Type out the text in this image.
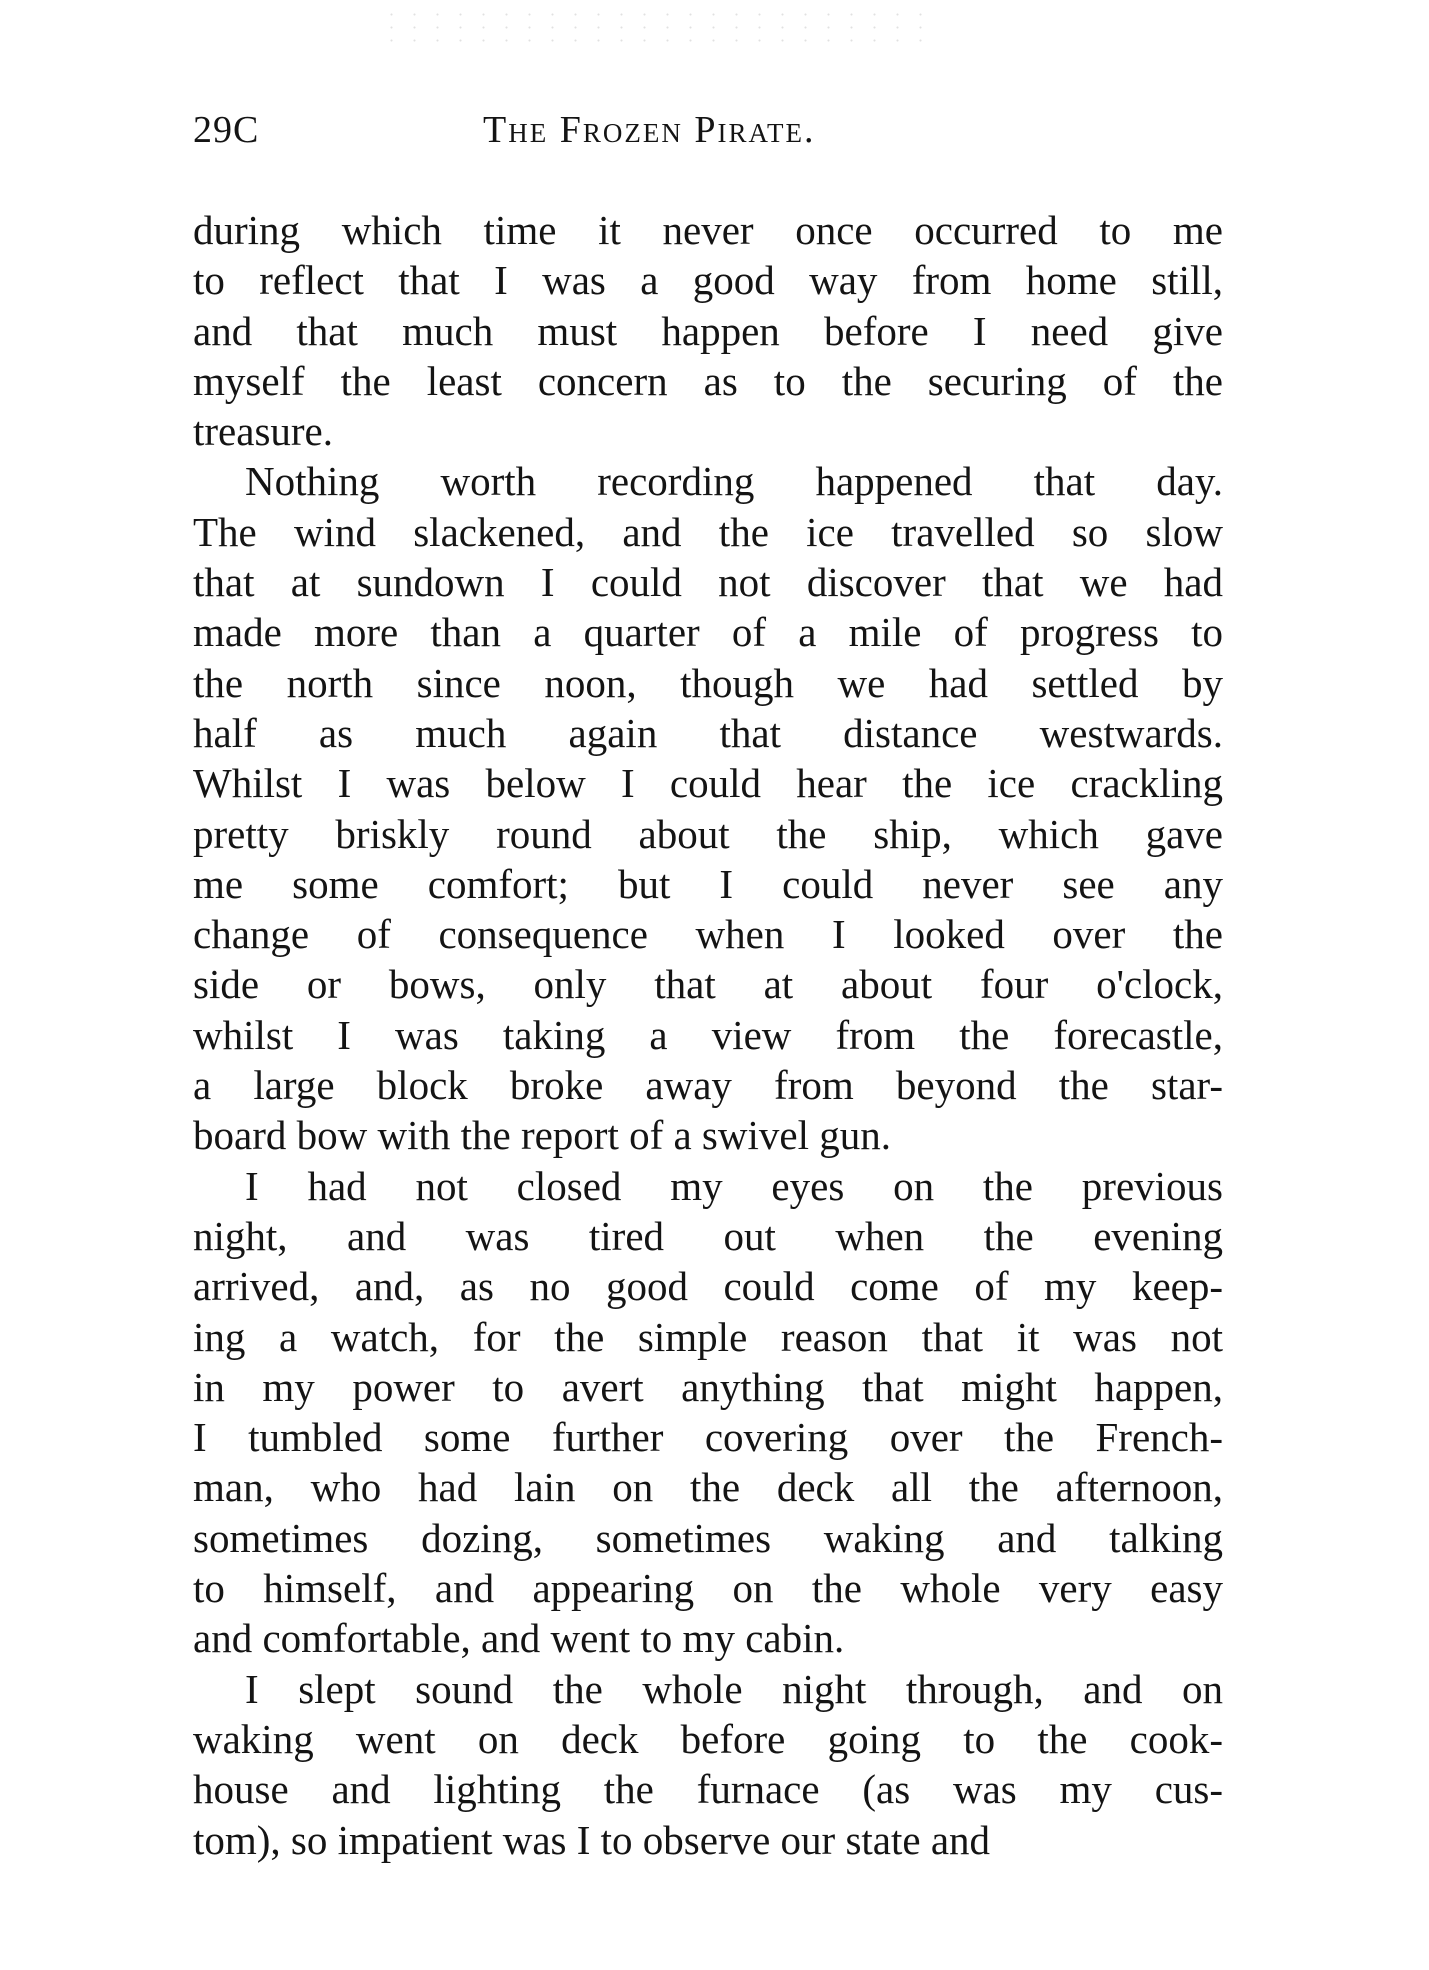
29C	The Frozen Pirate.
during which time it never once occurred to me
to reflect that I was a good way from home still,
and that much must happen before I need give
myself the least concern as to the securing of the
treasure.
Nothing worth recording happened that day.
The wind slackened, and the ice travelled so slow
that at sundown I could not discover that we had
made more than a quarter of a mile of progress to
the north since noon, though we had settled by
half as much again that distance westwards.
Whilst I was below I could hear the ice crackling
pretty briskly round about the ship, which gave
me some comfort; but I could never see any
change of consequence when I looked over the
side or bows, only that at about four o'clock,
whilst I was taking a view from the forecastle,
a large block broke away from beyond the star-
board bow with the report of a swivel gun.
I had not closed my eyes on the previous
night, and was tired out when the evening
arrived, and, as no good could come of my keep-
ing a watch, for the simple reason that it was not
in my power to avert anything that might happen,
I tumbled some further covering over the French-
man, who had lain on the deck all the afternoon,
sometimes dozing, sometimes waking and talking
to himself, and appearing on the whole very easy
and comfortable, and went to my cabin.
I slept sound the whole night through, and on
waking went on deck before going to the cook-
house and lighting the furnace (as was my cus-
tom), so impatient was I to observe our state and
